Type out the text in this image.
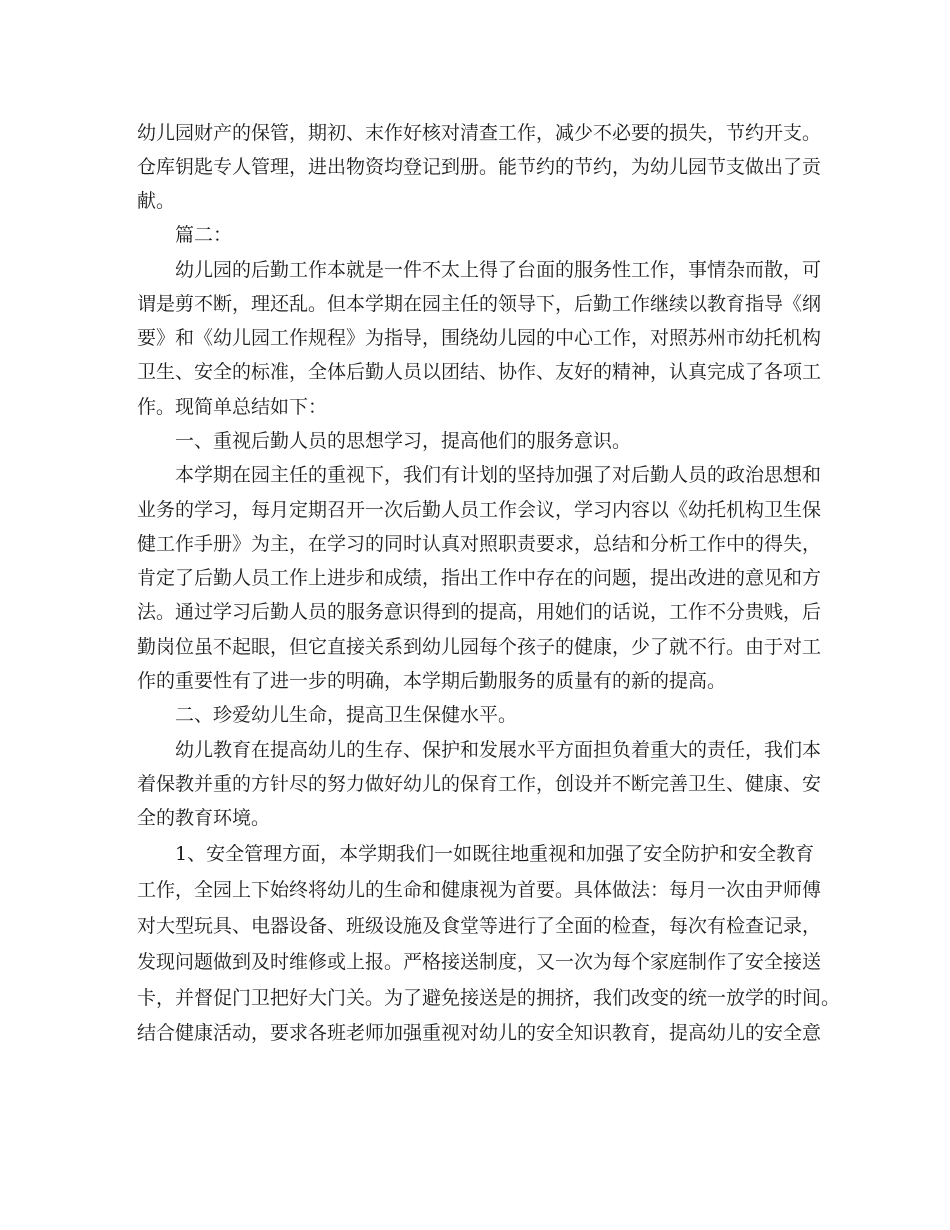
幼儿园财产的保管，期初、末作好核对清查工作，减少不必要的损失，节约开支。
仓库钥匙专人管理，进出物资均登记到册。能节约的节约，为幼儿园节支做出了贡
献。
篇二：
幼儿园的后勤工作本就是一件不太上得了台面的服务性工作，事情杂而散，可
谓是剪不断，理还乱。但本学期在园主任的领导下，后勤工作继续以教育指导《纲
要》和《幼儿园工作规程》为指导，围绕幼儿园的中心工作，对照苏州市幼托机构
卫生、安全的标准，全体后勤人员以团结、协作、友好的精神，认真完成了各项工
作。现简单总结如下：
一、重视后勤人员的思想学习，提高他们的服务意识。
本学期在园主任的重视下，我们有计划的坚持加强了对后勤人员的政治思想和
业务的学习，每月定期召开一次后勤人员工作会议，学习内容以《幼托机构卫生保
健工作手册》为主，在学习的同时认真对照职责要求，总结和分析工作中的得失，
肯定了后勤人员工作上进步和成绩，指出工作中存在的问题，提出改进的意见和方
法。通过学习后勤人员的服务意识得到的提高，用她们的话说，工作不分贵贱，后
勤岗位虽不起眼，但它直接关系到幼儿园每个孩子的健康，少了就不行。由于对工
作的重要性有了进一步的明确，本学期后勤服务的质量有的新的提高。
二、珍爱幼儿生命，提高卫生保健水平。
幼儿教育在提高幼儿的生存、保护和发展水平方面担负着重大的责任，我们本
着保教并重的方针尽的努力做好幼儿的保育工作，创设并不断完善卫生、健康、安
全的教育环境。
1、安全管理方面，本学期我们一如既往地重视和加强了安全防护和安全教育
工作，全园上下始终将幼儿的生命和健康视为首要。具体做法：每月一次由尹师傅
对大型玩具、电器设备、班级设施及食堂等进行了全面的检查，每次有检查记录，
发现问题做到及时维修或上报。严格接送制度，又一次为每个家庭制作了安全接送
卡，并督促门卫把好大门关。为了避免接送是的拥挤，我们改变的统一放学的时间。
结合健康活动，要求各班老师加强重视对幼儿的安全知识教育，提高幼儿的安全意
